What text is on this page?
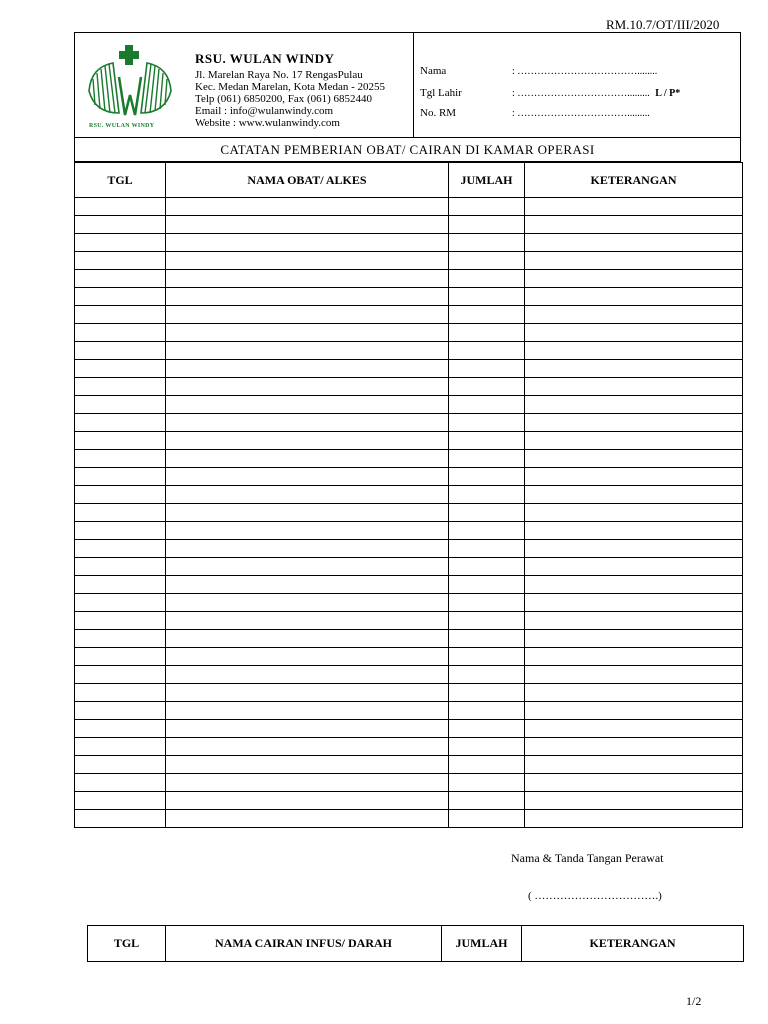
RM.10.7/OT/III/2020
RSU. WULAN WINDY
RSU. WULAN WINDY
Jl. Marelan Raya No. 17 RengasPulau
Kec. Medan Marelan, Kota Medan - 20255
Telp (061) 6850200, Fax (061) 6852440
Email : info@wulanwindy.com
Website : www.wulanwindy.com
Nama	: ………………………………........
Tgl Lahir	: ……………………………......... L / P*
No. RM	: …………………………….........
CATATAN PEMBERIAN OBAT/ CAIRAN DI KAMAR OPERASI
TGL	NAMA OBAT/ ALKES	JUMLAH	KETERANGAN

Nama & Tanda Tangan Perawat
( …………………………….)
TGL	NAMA CAIRAN INFUS/ DARAH	JUMLAH	KETERANGAN
1/2
